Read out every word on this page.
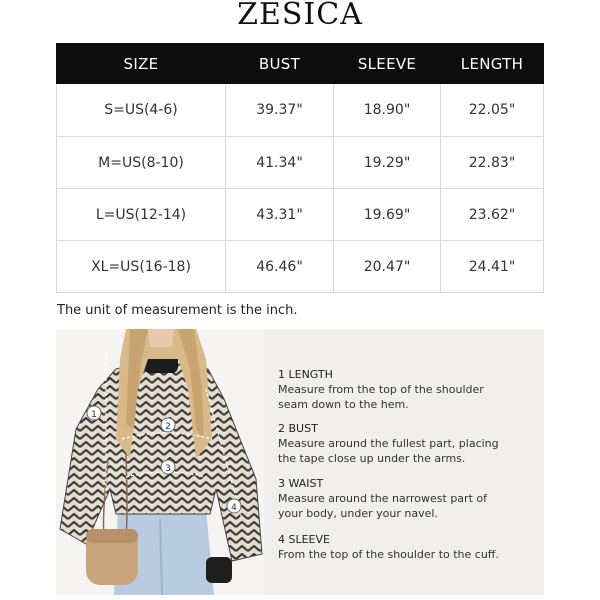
ZESICA
SIZE	BUST	SLEEVE	LENGTH
S=US(4-6)	39.37"	18.90"	22.05"
M=US(8-10)	41.34"	19.29"	22.83"
L=US(12-14)	43.31"	19.69"	23.62"
XL=US(16-18)	46.46"	20.47"	24.41"
The unit of measurement is the inch.
1
2
3
4
1 LENGTH
Measure from the top of the shoulder seam down to the hem.
2 BUST
Measure around the fullest part, placing the tape close up under the arms.
3 WAIST
Measure around the narrowest part of your body, under your navel.
4 SLEEVE
From the top of the shoulder to the cuff.
